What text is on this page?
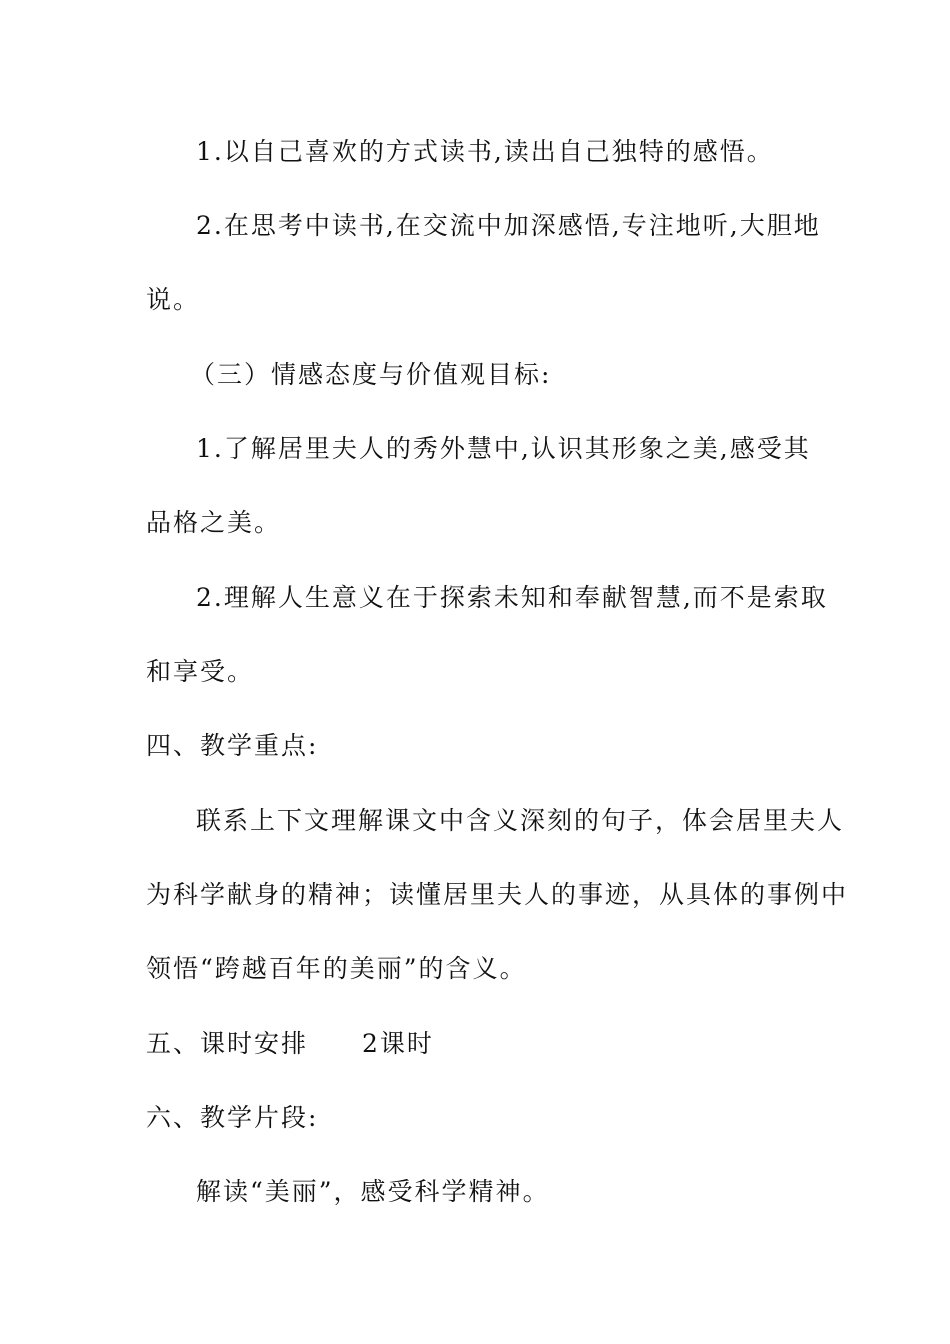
1.以自己喜欢的方式读书,读出自己独特的感悟。
2.在思考中读书,在交流中加深感悟,专注地听,大胆地
说。
（三）情感态度与价值观目标:
1.了解居里夫人的秀外慧中,认识其形象之美,感受其
品格之美。
2.理解人生意义在于探索未知和奉献智慧,而不是索取
和享受。
四、教学重点:
联系上下文理解课文中含义深刻的句子，体会居里夫人
为科学献身的精神；读懂居里夫人的事迹，从具体的事例中
领悟“跨越百年的美丽”的含义。
五、课时安排 2课时
六、教学片段:
解读“美丽”，感受科学精神。
